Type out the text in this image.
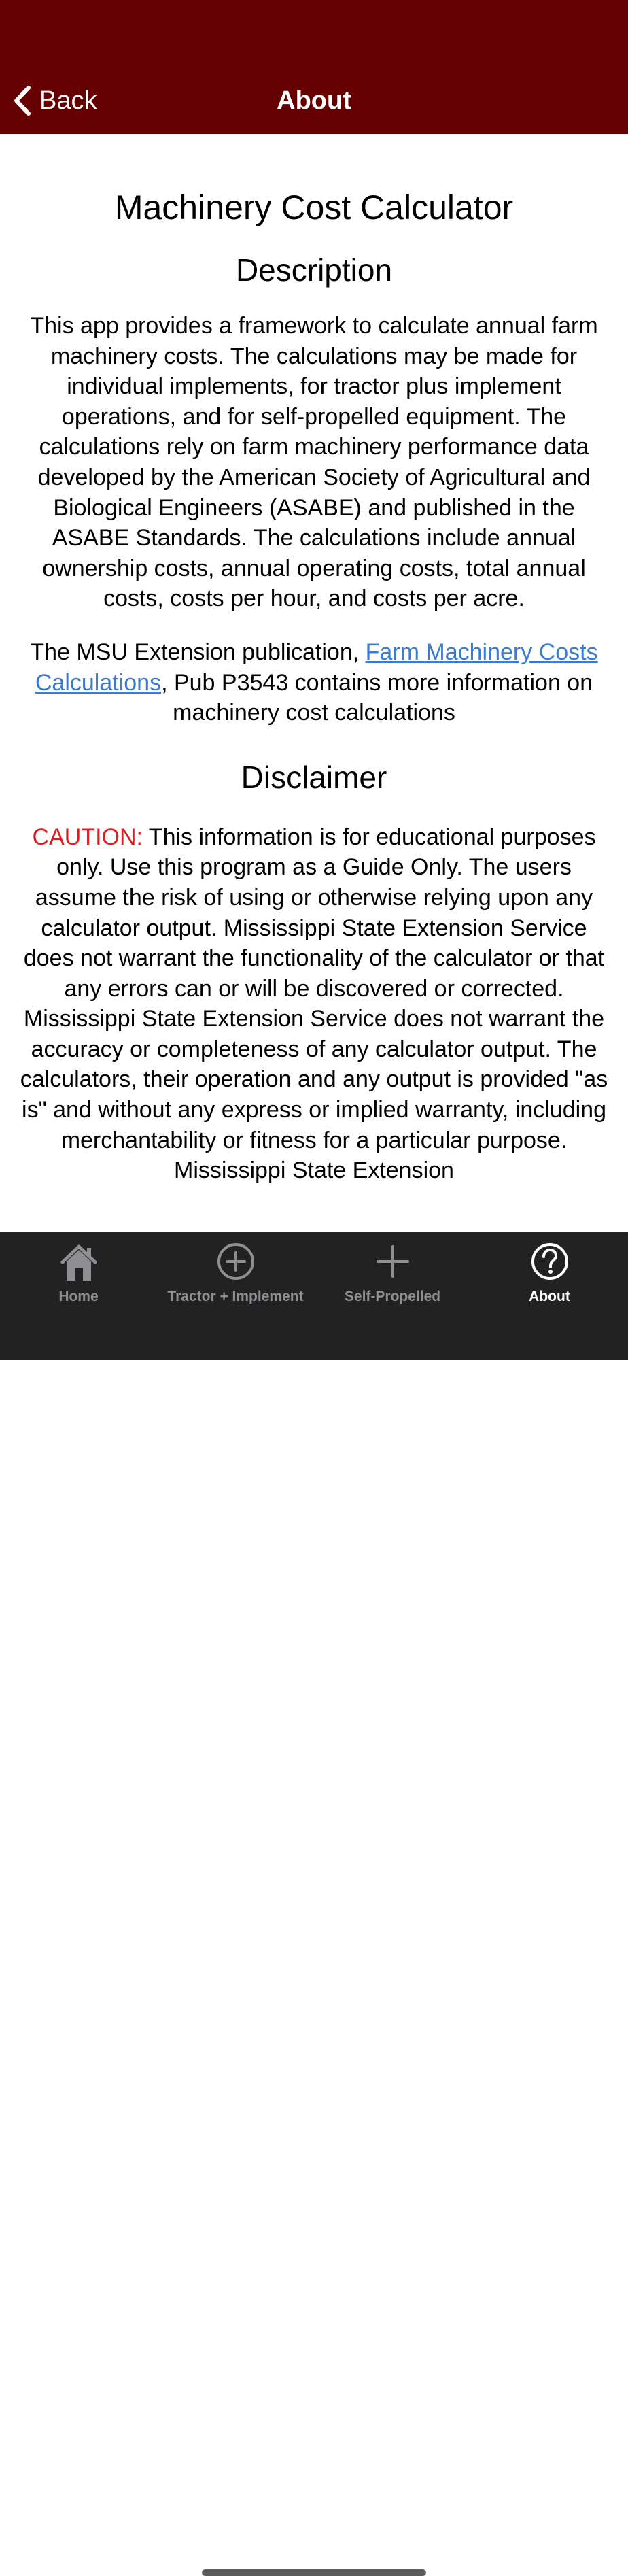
Back	About
Machinery Cost Calculator
Description

This app provides a framework to calculate annual farm machinery costs. The calculations may be made for individual implements, for tractor plus implement operations, and for self-propelled equipment. The calculations rely on farm machinery performance data developed by the American Society of Agricultural and Biological Engineers (ASABE) and published in the ASABE Standards. The calculations include annual ownership costs, annual operating costs, total annual costs, costs per hour, and costs per acre.

The MSU Extension publication, Farm Machinery Costs Calculations, Pub P3543 contains more information on machinery cost calculations

Disclaimer

CAUTION: This information is for educational purposes only. Use this program as a Guide Only. The users assume the risk of using or otherwise relying upon any calculator output. Mississippi State Extension Service does not warrant the functionality of the calculator or that any errors can or will be discovered or corrected. Mississippi State Extension Service does not warrant the accuracy or completeness of any calculator output. The calculators, their operation and any output is provided "as is" and without any express or implied warranty, including merchantability or fitness for a particular purpose. Mississippi State Extension

Home	Tractor + Implement	Self-Propelled	About
